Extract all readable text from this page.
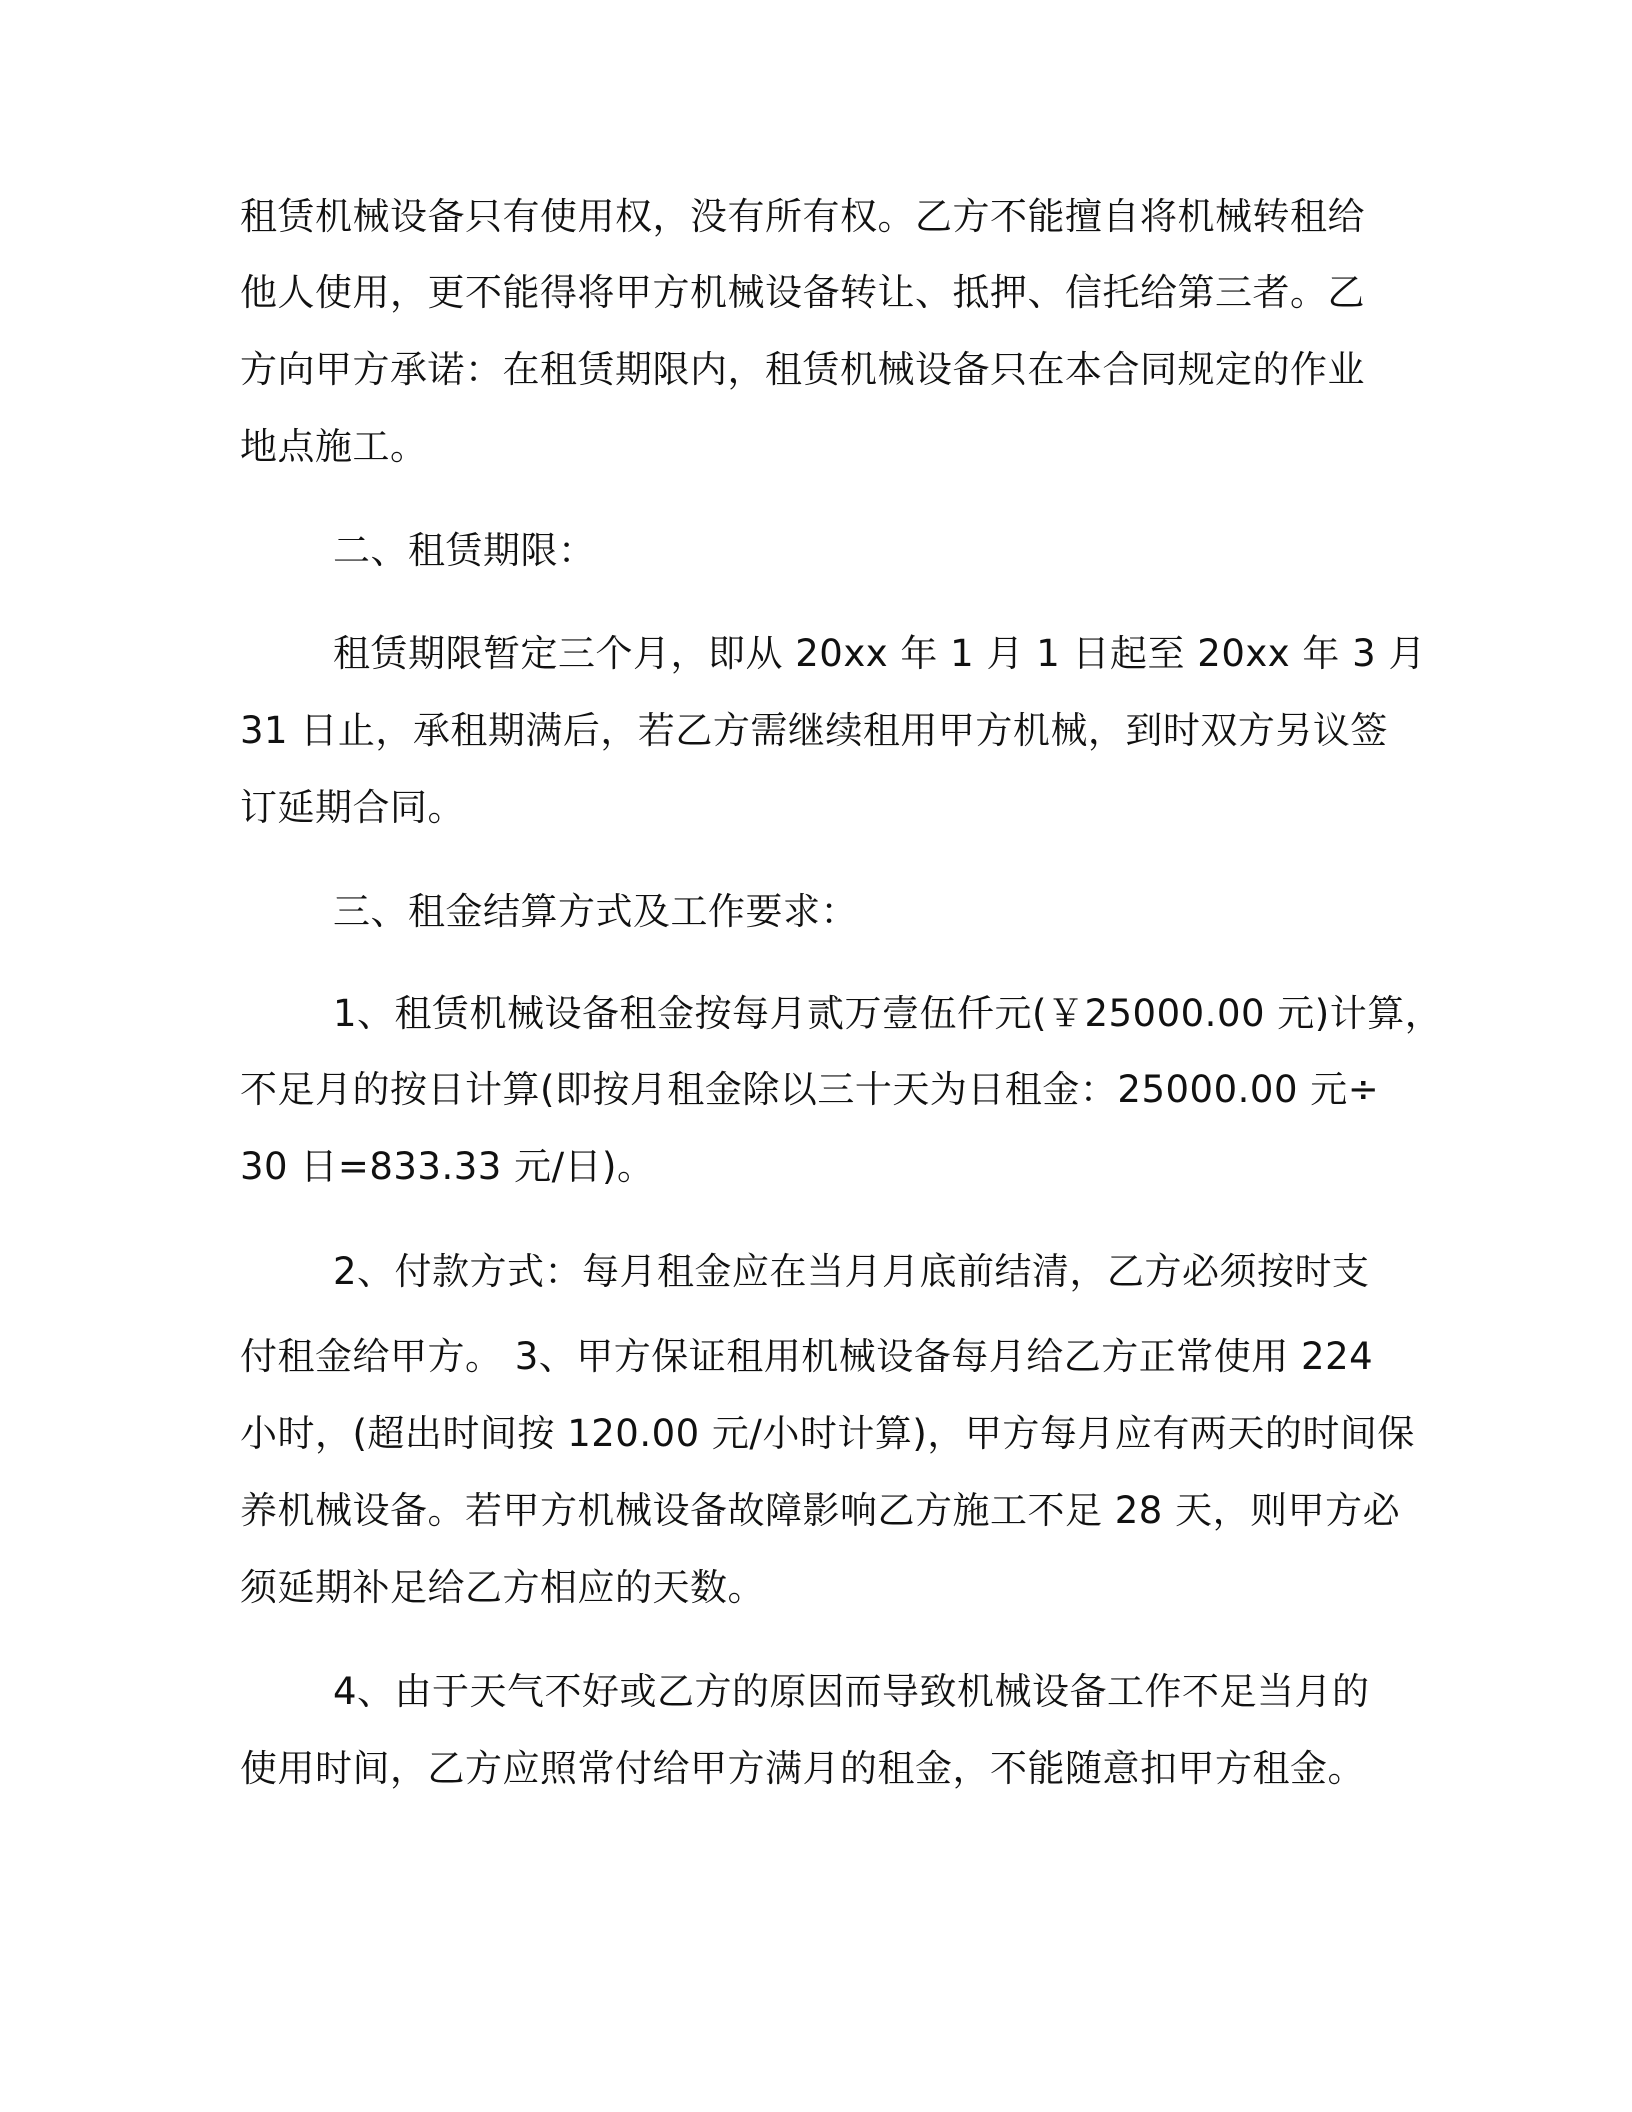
租赁机械设备只有使用权，没有所有权。乙方不能擅自将机械转租给
他人使用，更不能得将甲方机械设备转让、抵押、信托给第三者。乙
方向甲方承诺：在租赁期限内，租赁机械设备只在本合同规定的作业
地点施工。
二、租赁期限：
租赁期限暂定三个月，即从 20xx 年 1 月 1 日起至 20xx 年 3 月
31 日止，承租期满后，若乙方需继续租用甲方机械，到时双方另议签
订延期合同。
三、租金结算方式及工作要求：
1、租赁机械设备租金按每月贰万壹伍仟元(￥25000.00 元)计算，
不足月的按日计算(即按月租金除以三十天为日租金：25000.00 元÷
30 日=833.33 元/日)。
2、付款方式：每月租金应在当月月底前结清，乙方必须按时支
付租金给甲方。 3、甲方保证租用机械设备每月给乙方正常使用 224
小时，(超出时间按 120.00 元/小时计算)，甲方每月应有两天的时间保
养机械设备。若甲方机械设备故障影响乙方施工不足 28 天，则甲方必
须延期补足给乙方相应的天数。
4、由于天气不好或乙方的原因而导致机械设备工作不足当月的
使用时间，乙方应照常付给甲方满月的租金，不能随意扣甲方租金。
